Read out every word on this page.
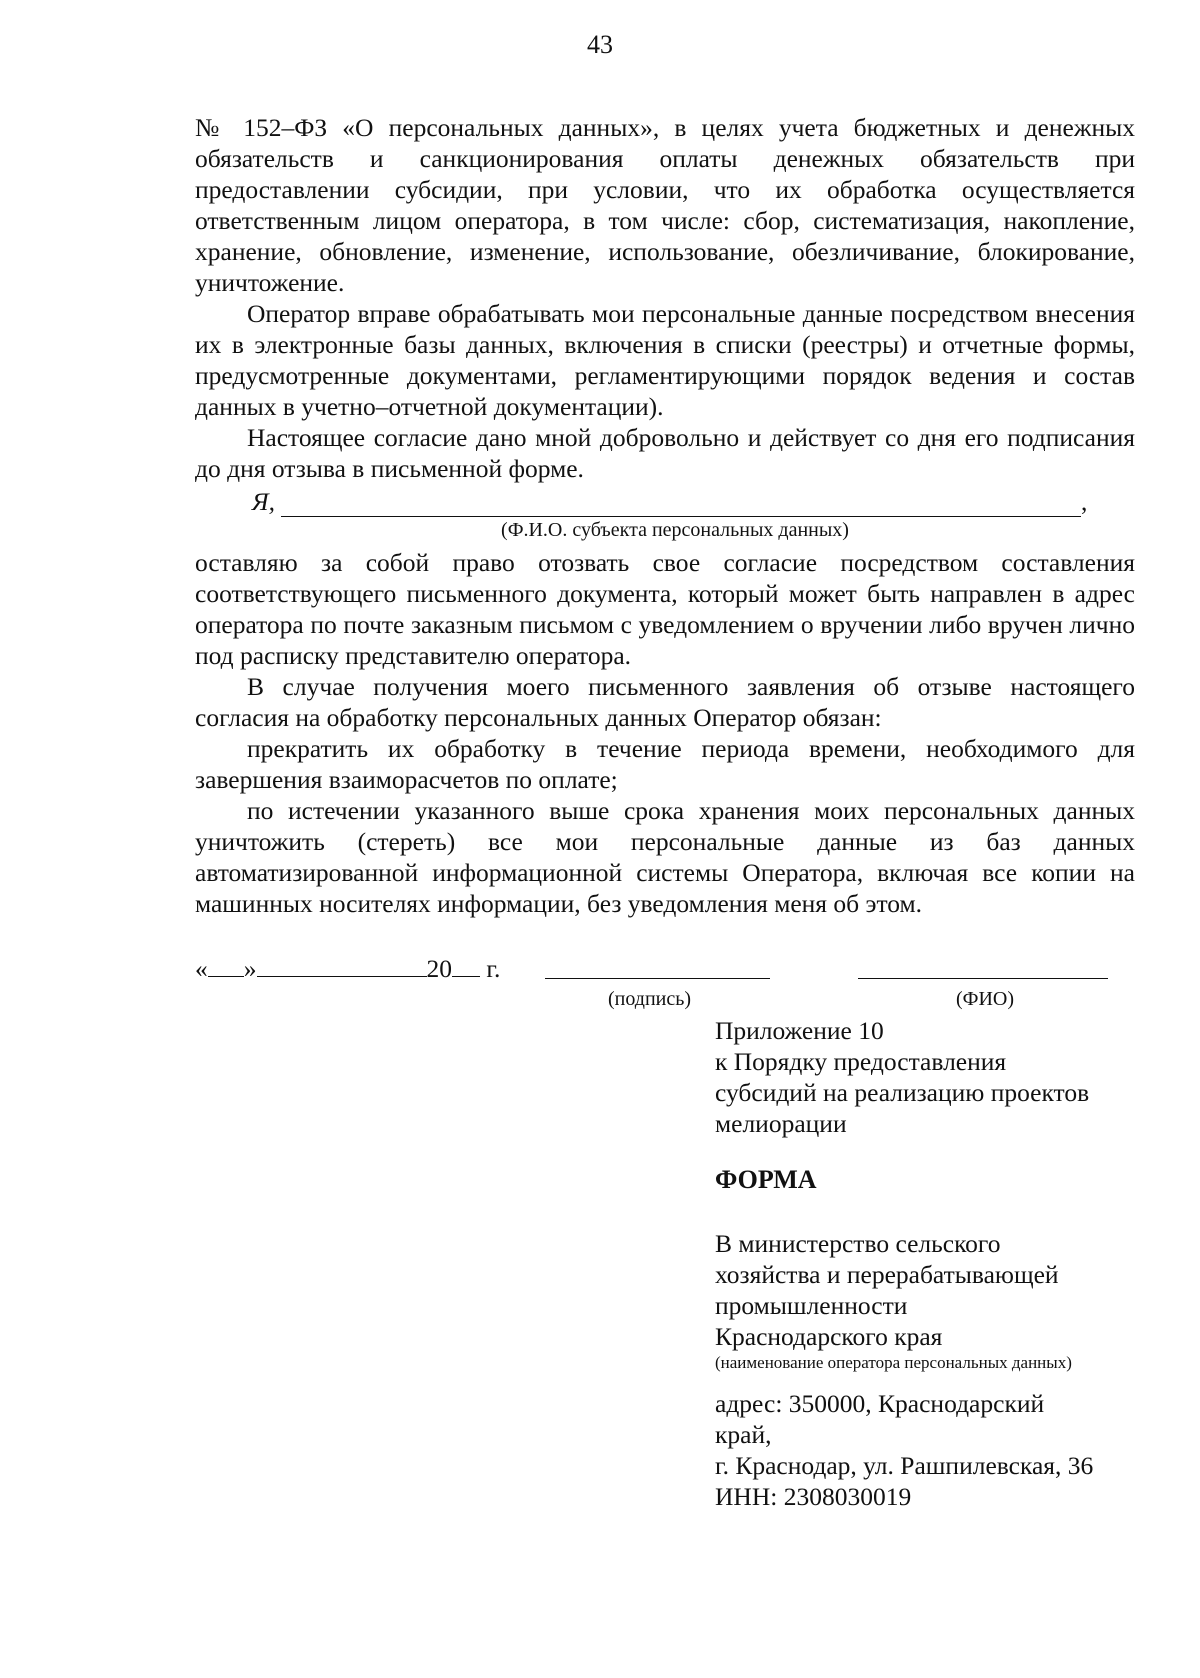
43

№ 152–ФЗ «О персональных данных», в целях учета бюджетных и денежных обязательств и санкционирования оплаты денежных обязательств при предоставлении субсидии, при условии, что их обработка осуществляется ответственным лицом оператора, в том числе: сбор, систематизация, накопление, хранение, обновление, изменение, использование, обезличивание, блокирование, уничтожение.

Оператор вправе обрабатывать мои персональные данные посредством внесения их в электронные базы данных, включения в списки (реестры) и отчетные формы, предусмотренные документами, регламентирующими порядок ведения и состав данных в учетно–отчетной документации).

Настоящее согласие дано мной добровольно и действует со дня его подписания до дня отзыва в письменной форме.

Я,	,
(Ф.И.О. субъекта персональных данных)

оставляю за собой право отозвать свое согласие посредством составления соответствующего письменного документа, который может быть направлен в адрес оператора по почте заказным письмом с уведомлением о вручении либо вручен лично под расписку представителю оператора.

В случае получения моего письменного заявления об отзыве настоящего согласия на обработку персональных данных Оператор обязан:

прекратить их обработку в течение периода времени, необходимого для завершения взаиморасчетов по оплате;

по истечении указанного выше срока хранения моих персональных данных уничтожить (стереть) все мои персональные данные из баз данных автоматизированной информационной системы Оператора, включая все копии на машинных носителях информации, без уведомления меня об этом.

« »	20 г.
(подпись)	(ФИО)

Приложение 10

к Порядку предоставления

субсидий на реализацию проектов

мелиорации

ФОРМА

В министерство сельского

хозяйства и перерабатывающей

промышленности

Краснодарского края

(наименование оператора персональных данных)

адрес: 350000, Краснодарский

край,

г. Краснодар, ул. Рашпилевская, 36

ИНН: 2308030019
